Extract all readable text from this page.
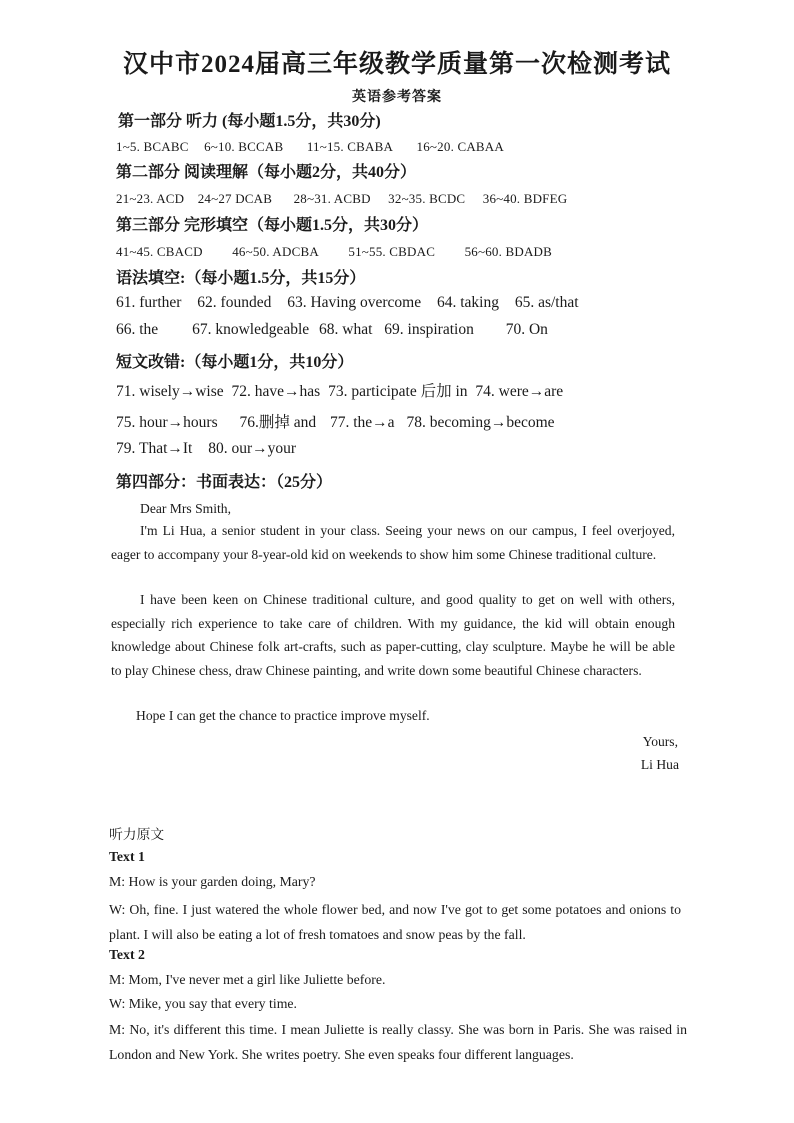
汉中市2024届高三年级教学质量第一次检测考试
英语参考答案
第一部分 听力 (每小题1.5分，共30分)
1~5. BCABC 6~10. BCCAB 11~15. CBABA 16~20. CABAA
第二部分 阅读理解（每小题2分，共40分）
21~23. ACD 24~27 DCAB 28~31. ACBD 32~35. BCDC 36~40. BDFEG
第三部分 完形填空（每小题1.5分，共30分）
41~45. CBACD 46~50. ADCBA 51~55. CBDAC 56~60. BDADB
语法填空:（每小题1.5分，共15分）
61. further 62. founded 63. Having overcome 64. taking 65. as/that
66. the 67. knowledgeable 68. what 69. inspiration 70. On
短文改错:（每小题1分，共10分）
71. wisely→wise 72. have→has 73. participate 后加 in 74. were→are
75. hour→hours 76.删掉 and 77. the→a 78. becoming→become
79. That→It 80. our→your
第四部分：书面表达：（25分）
Dear Mrs Smith,
I'm Li Hua, a senior student in your class. Seeing your news on our campus, I feel overjoyed, eager to accompany your 8-year-old kid on weekends to show him some Chinese traditional culture.
I have been keen on Chinese traditional culture, and good quality to get on well with others, especially rich experience to take care of children. With my guidance, the kid will obtain enough knowledge about Chinese folk art-crafts, such as paper-cutting, clay sculpture. Maybe he will be able to play Chinese chess, draw Chinese painting, and write down some beautiful Chinese characters.
Hope I can get the chance to practice improve myself.
Yours,
Li Hua
听力原文
Text 1
M: How is your garden doing, Mary?
W: Oh, fine. I just watered the whole flower bed, and now I've got to get some potatoes and onions to plant. I will also be eating a lot of fresh tomatoes and snow peas by the fall.
Text 2
M: Mom, I've never met a girl like Juliette before.
W: Mike, you say that every time.
M: No, it's different this time. I mean Juliette is really classy. She was born in Paris. She was raised in London and New York. She writes poetry. She even speaks four different languages.
